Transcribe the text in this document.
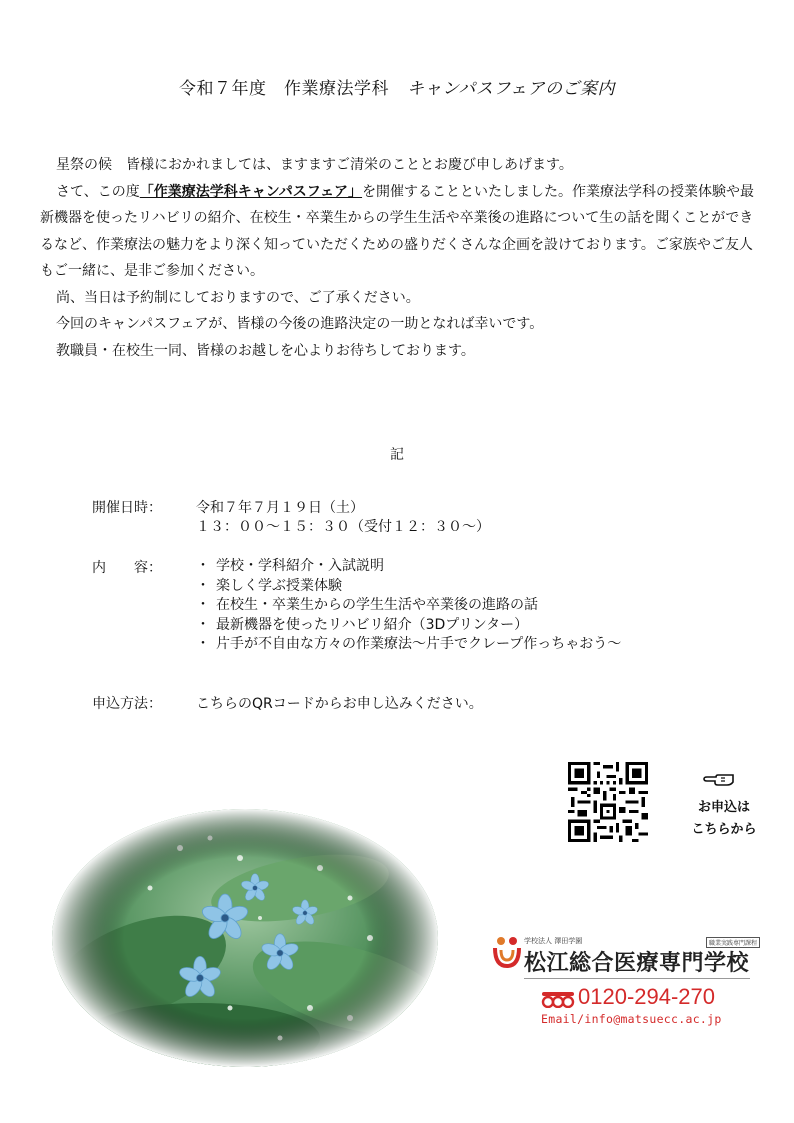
令和７年度　作業療法学科 キャンパスフェアのご案内

星祭の候　皆様におかれましては、ますますご清栄のこととお慶び申しあげます。

さて、この度「作業療法学科キャンパスフェア」を開催することといたしました。作業療法学科の授業体験や最新機器を使ったリハビリの紹介、在校生・卒業生からの学生生活や卒業後の進路について生の話を聞くことができるなど、作業療法の魅力をより深く知っていただくための盛りだくさんな企画を設けております。ご家族やご友人もご一緒に、是非ご参加ください。

尚、当日は予約制にしておりますので、ご了承ください。

今回のキャンパスフェアが、皆様の今後の進路決定の一助となれば幸いです。

教職員・在校生一同、皆様のお越しを心よりお待ちしております。

記
開催日時： 令和７年７月１９日（土）
１３：００～１５：３０（受付１２：３０～）
内　　容：
・	学校・学科紹介・入試説明
・ 楽しく学ぶ授業体験
・ 在校生・卒業生からの学生生活や卒業後の進路の話
・ 最新機器を使ったリハビリ紹介（3Dプリンター）
・ 片手が不自由な方々の作業療法～片手でクレープ作っちゃおう～
申込方法： こちらのQRコードからお申し込みください。
お申込は
こちらから
学校法人 澤田学園	職業実践専門課程
松江総合医療専門学校
0120-294-270
Email/info@matsuecc.ac.jp
